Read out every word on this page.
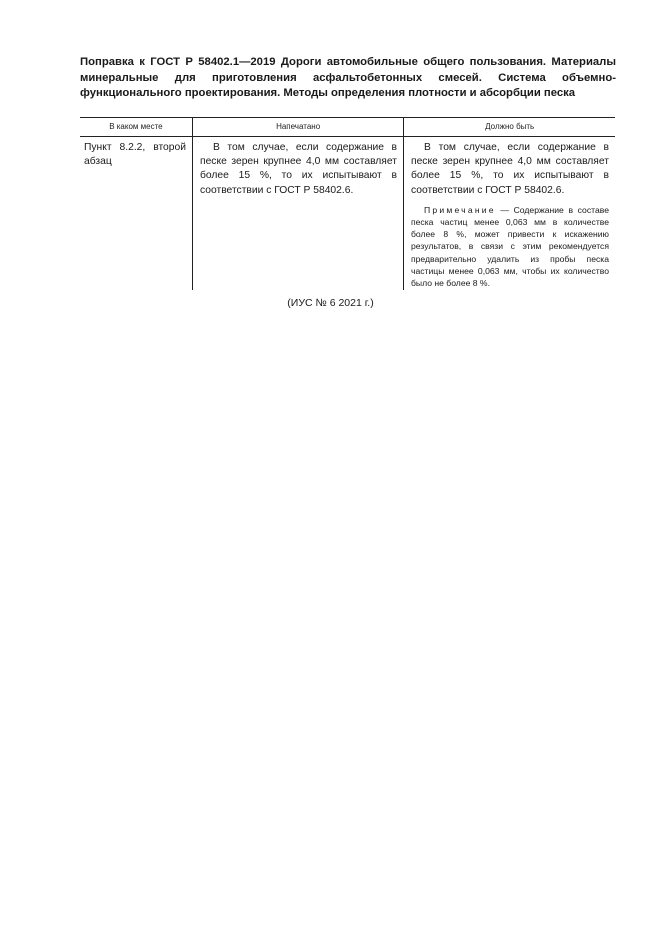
Поправка к ГОСТ Р 58402.1—2019 Дороги автомобильные общего пользования. Материалы минеральные для приготовления асфальтобетонных смесей. Система объемно-функционального проектирования. Методы определения плотности и абсорбции песка
В каком месте	Напечатано	Должно быть
Пункт 8.2.2, второй абзац

В том случае, если содержание в песке зерен крупнее 4,0 мм составляет более 15 %, то их испытывают в соответствии с ГОСТ Р 58402.6.

В том случае, если содержание в песке зерен крупнее 4,0 мм составляет более 15 %, то их испытывают в соответствии с ГОСТ Р 58402.6.

Примечание — Содержание в составе песка частиц менее 0,063 мм в количестве более 8 %, может привести к искажению результатов, в связи с этим рекомендуется предварительно удалить из пробы песка частицы менее 0,063 мм, чтобы их количество было не более 8 %.

(ИУС № 6 2021 г.)
